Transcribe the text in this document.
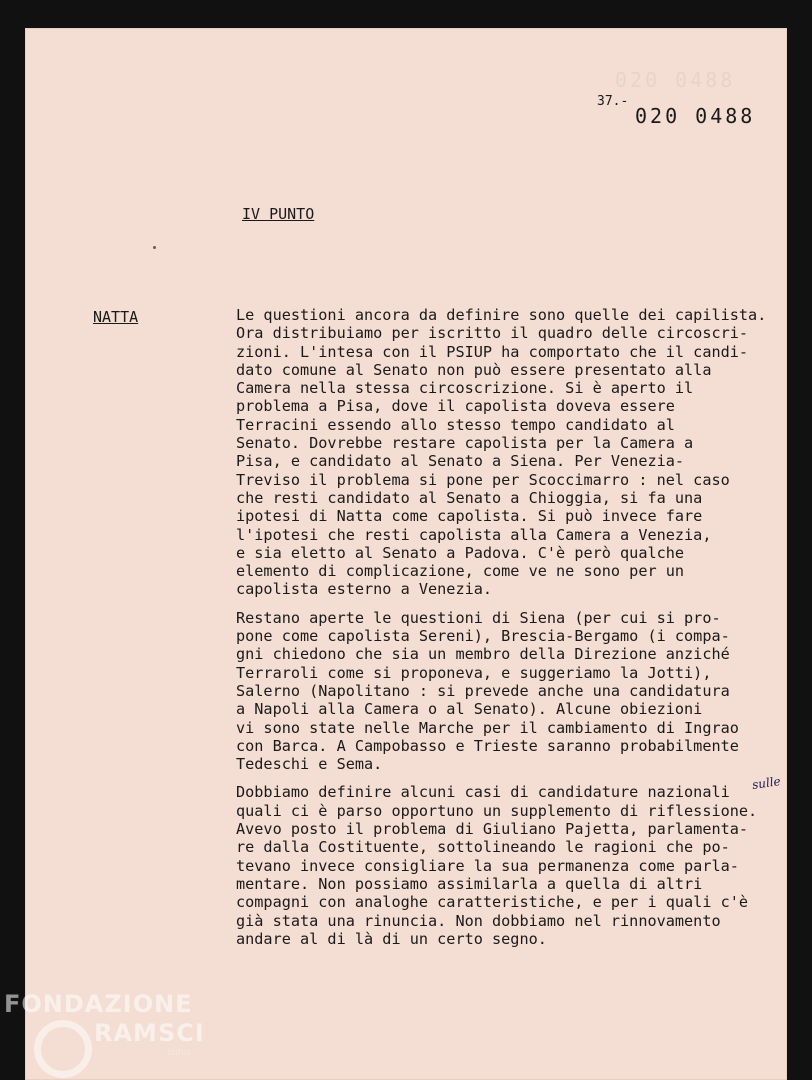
020 0488
37.-
020 0488
IV PUNTO
NATTA	Le questioni ancora da definire sono quelle dei capilista.
Ora distribuiamo per iscritto il quadro delle circoscri-
zioni. L'intesa con il PSIUP ha comportato che il candi-
dato comune al Senato non può essere presentato alla
Camera nella stessa circoscrizione. Si è aperto il
problema a Pisa, dove il capolista doveva essere
Terracini essendo allo stesso tempo candidato al
Senato. Dovrebbe restare capolista per la Camera a
Pisa, e candidato al Senato a Siena. Per Venezia-
Treviso il problema si pone per Scoccimarro : nel caso
che resti candidato al Senato a Chioggia, si fa una
ipotesi di Natta come capolista. Si può invece fare
l'ipotesi che resti capolista alla Camera a Venezia,
e sia eletto al Senato a Padova. C'è però qualche
elemento di complicazione, come ve ne sono per un
capolista esterno a Venezia.

Restano aperte le questioni di Siena (per cui si pro-
pone come capolista Sereni), Brescia-Bergamo (i compa-
gni chiedono che sia un membro della Direzione anziché
Terraroli come si proponeva, e suggeriamo la Jotti),
Salerno (Napolitano : si prevede anche una candidatura
a Napoli alla Camera o al Senato). Alcune obiezioni
vi sono state nelle Marche per il cambiamento di Ingrao
con Barca. A Campobasso e Trieste saranno probabilmente
Tedeschi e Sema.

Dobbiamo definire alcuni casi di candidature nazionali
quali ci è parso opportuno un supplemento di riflessione.
Avevo posto il problema di Giuliano Pajetta, parlamenta-
re dalla Costituente, sottolineando le ragioni che po-
tevano invece consigliare la sua permanenza come parla-
mentare. Non possiamo assimilarla a quella di altri
compagni con analoghe caratteristiche, e per i quali c'è
già stata una rinuncia. Non dobbiamo nel rinnovamento
andare al di là di un certo segno.

sulle
FONDAZIONE
RAMSCI
onlus
